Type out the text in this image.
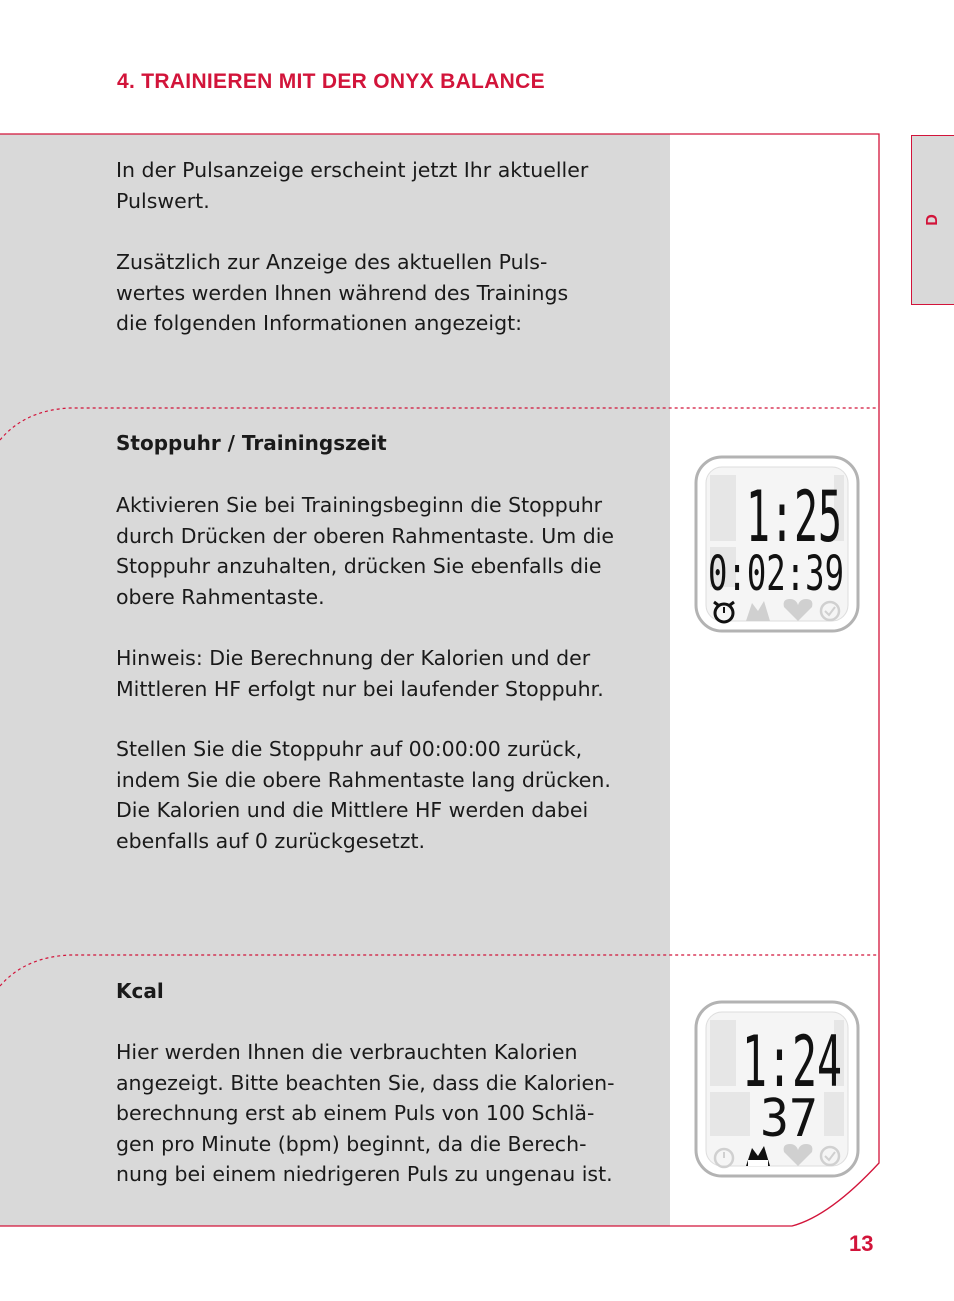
4. TRAINIEREN MIT DER ONYX BALANCE
D
In der Pulsanzeige erscheint jetzt Ihr aktueller
Pulswert.
Zusätzlich zur Anzeige des aktuellen Puls-
wertes werden Ihnen während des Trainings
die folgenden Informationen angezeigt:
Stoppuhr / Trainingszeit
Aktivieren Sie bei Trainingsbeginn die Stoppuhr
durch Drücken der oberen Rahmentaste. Um die
Stoppuhr anzuhalten, drücken Sie ebenfalls die
obere Rahmentaste.
Hinweis: Die Berechnung der Kalorien und der
Mittleren HF erfolgt nur bei laufender Stoppuhr.
Stellen Sie die Stoppuhr auf 00:00:00 zurück,
indem Sie die obere Rahmentaste lang drücken.
Die Kalorien und die Mittlere HF werden dabei
ebenfalls auf 0 zurückgesetzt.
1:25
0:02:39
Kcal
Hier werden Ihnen die verbrauchten Kalorien
angezeigt. Bitte beachten Sie, dass die Kalorien-
berechnung erst ab einem Puls von 100 Schlä-
gen pro Minute (bpm) beginnt, da die Berech-
nung bei einem niedrigeren Puls zu ungenau ist.
1:24
37
13
